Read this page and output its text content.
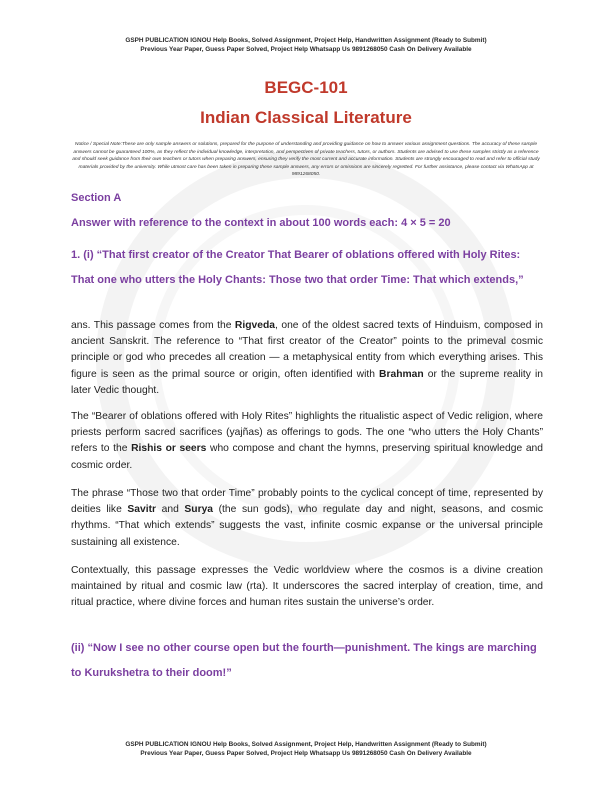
GSPH PUBLICATION IGNOU Help Books, Solved Assignment, Project Help, Handwritten Assignment (Ready to Submit)
Previous Year Paper, Guess Paper Solved, Project Help Whatsapp Us 9891268050 Cash On Delivery Available
BEGC-101
Indian Classical Literature
Notice / Special Note:These are only sample answers or solutions, prepared for the purpose of understanding and providing guidance on how to answer various assignment questions. The accuracy of these sample answers cannot be guaranteed 100%, as they reflect the individual knowledge, interpretation, and perspectives of private teachers, tutors, or authors. Students are advised to use these samples strictly as a reference and should seek guidance from their own teachers or tutors when preparing answers, ensuring they verify the most current and accurate information. Students are strongly encouraged to read and refer to official study materials provided by the university. While utmost care has been taken in preparing these sample answers, any errors or omissions are sincerely regretted. For further assistance, please contact via WhatsApp at 9891268050.
Section A
Answer with reference to the context in about 100 words each: 4 × 5 = 20
1. (i) “That first creator of the Creator That Bearer of oblations offered with Holy Rites: That one who utters the Holy Chants: Those two that order Time: That which extends,”
ans. This passage comes from the Rigveda, one of the oldest sacred texts of Hinduism, composed in ancient Sanskrit. The reference to “That first creator of the Creator” points to the primeval cosmic principle or god who precedes all creation — a metaphysical entity from which everything arises. This figure is seen as the primal source or origin, often identified with Brahman or the supreme reality in later Vedic thought.
The “Bearer of oblations offered with Holy Rites” highlights the ritualistic aspect of Vedic religion, where priests perform sacred sacrifices (yajñas) as offerings to gods. The one “who utters the Holy Chants” refers to the Rishis or seers who compose and chant the hymns, preserving spiritual knowledge and cosmic order.
The phrase “Those two that order Time” probably points to the cyclical concept of time, represented by deities like Savitr and Surya (the sun gods), who regulate day and night, seasons, and cosmic rhythms. “That which extends” suggests the vast, infinite cosmic expanse or the universal principle sustaining all existence.
Contextually, this passage expresses the Vedic worldview where the cosmos is a divine creation maintained by ritual and cosmic law (rta). It underscores the sacred interplay of creation, time, and ritual practice, where divine forces and human rites sustain the universe’s order.
(ii) “Now I see no other course open but the fourth—punishment. The kings are marching to Kurukshetra to their doom!”
GSPH PUBLICATION IGNOU Help Books, Solved Assignment, Project Help, Handwritten Assignment (Ready to Submit)
Previous Year Paper, Guess Paper Solved, Project Help Whatsapp Us 9891268050 Cash On Delivery Available
